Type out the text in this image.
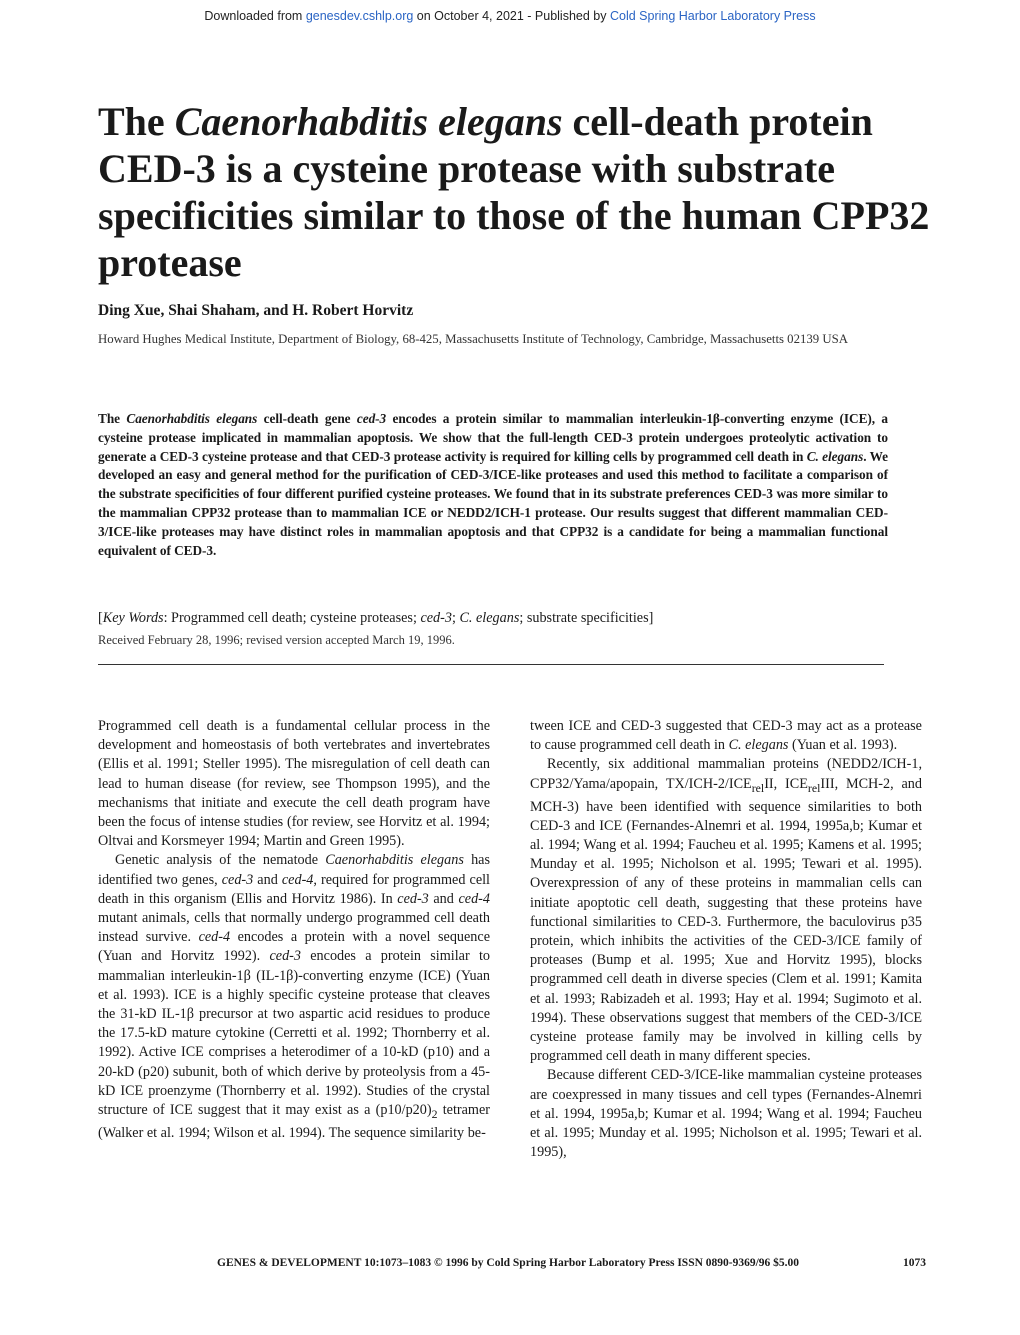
Downloaded from genesdev.cshlp.org on October 4, 2021 - Published by Cold Spring Harbor Laboratory Press
The Caenorhabditis elegans cell-death protein CED-3 is a cysteine protease with substrate specificities similar to those of the human CPP32 protease
Ding Xue, Shai Shaham, and H. Robert Horvitz
Howard Hughes Medical Institute, Department of Biology, 68-425, Massachusetts Institute of Technology, Cambridge, Massachusetts 02139 USA
The Caenorhabditis elegans cell-death gene ced-3 encodes a protein similar to mammalian interleukin-1β-converting enzyme (ICE), a cysteine protease implicated in mammalian apoptosis. We show that the full-length CED-3 protein undergoes proteolytic activation to generate a CED-3 cysteine protease and that CED-3 protease activity is required for killing cells by programmed cell death in C. elegans. We developed an easy and general method for the purification of CED-3/ICE-like proteases and used this method to facilitate a comparison of the substrate specificities of four different purified cysteine proteases. We found that in its substrate preferences CED-3 was more similar to the mammalian CPP32 protease than to mammalian ICE or NEDD2/ICH-1 protease. Our results suggest that different mammalian CED-3/ICE-like proteases may have distinct roles in mammalian apoptosis and that CPP32 is a candidate for being a mammalian functional equivalent of CED-3.
[Key Words: Programmed cell death; cysteine proteases; ced-3; C. elegans; substrate specificities]
Received February 28, 1996; revised version accepted March 19, 1996.

Programmed cell death is a fundamental cellular process in the development and homeostasis of both vertebrates and invertebrates (Ellis et al. 1991; Steller 1995). The misregulation of cell death can lead to human disease (for review, see Thompson 1995), and the mechanisms that initiate and execute the cell death program have been the focus of intense studies (for review, see Horvitz et al. 1994; Oltvai and Korsmeyer 1994; Martin and Green 1995).

Genetic analysis of the nematode Caenorhabditis elegans has identified two genes, ced-3 and ced-4, required for programmed cell death in this organism (Ellis and Horvitz 1986). In ced-3 and ced-4 mutant animals, cells that normally undergo programmed cell death instead survive. ced-4 encodes a protein with a novel sequence (Yuan and Horvitz 1992). ced-3 encodes a protein similar to mammalian interleukin-1β (IL-1β)-converting enzyme (ICE) (Yuan et al. 1993). ICE is a highly specific cysteine protease that cleaves the 31-kD IL-1β precursor at two aspartic acid residues to produce the 17.5-kD mature cytokine (Cerretti et al. 1992; Thornberry et al. 1992). Active ICE comprises a heterodimer of a 10-kD (p10) and a 20-kD (p20) subunit, both of which derive by proteolysis from a 45-kD ICE proenzyme (Thornberry et al. 1992). Studies of the crystal structure of ICE suggest that it may exist as a $(p10/p20)_2$ tetramer (Walker et al. 1994; Wilson et al. 1994). The sequence similarity be-

tween ICE and CED-3 suggested that CED-3 may act as a protease to cause programmed cell death in C. elegans (Yuan et al. 1993).

Recently, six additional mammalian proteins (NEDD2/ICH-1, CPP32/Yama/apopain, $TX/ICH-2/ICE_{rel}II$, $ICE_{rel}III$, MCH-2, and MCH-3) have been identified with sequence similarities to both CED-3 and ICE (Fernandes-Alnemri et al. 1994, 1995a,b; Kumar et al. 1994; Wang et al. 1994; Faucheu et al. 1995; Kamens et al. 1995; Munday et al. 1995; Nicholson et al. 1995; Tewari et al. 1995). Overexpression of any of these proteins in mammalian cells can initiate apoptotic cell death, suggesting that these proteins have functional similarities to CED-3. Furthermore, the baculovirus p35 protein, which inhibits the activities of the CED-3/ICE family of proteases (Bump et al. 1995; Xue and Horvitz 1995), blocks programmed cell death in diverse species (Clem et al. 1991; Kamita et al. 1993; Rabizadeh et al. 1993; Hay et al. 1994; Sugimoto et al. 1994). These observations suggest that members of the CED-3/ICE cysteine protease family may be involved in killing cells by programmed cell death in many different species.

Because different CED-3/ICE-like mammalian cysteine proteases are coexpressed in many tissues and cell types (Fernandes-Alnemri et al. 1994, 1995a,b; Kumar et al. 1994; Wang et al. 1994; Faucheu et al. 1995; Munday et al. 1995; Nicholson et al. 1995; Tewari et al. 1995),

GENES & DEVELOPMENT 10:1073–1083 © 1996 by Cold Spring Harbor Laboratory Press ISSN 0890-9369/96 $5.00	1073
